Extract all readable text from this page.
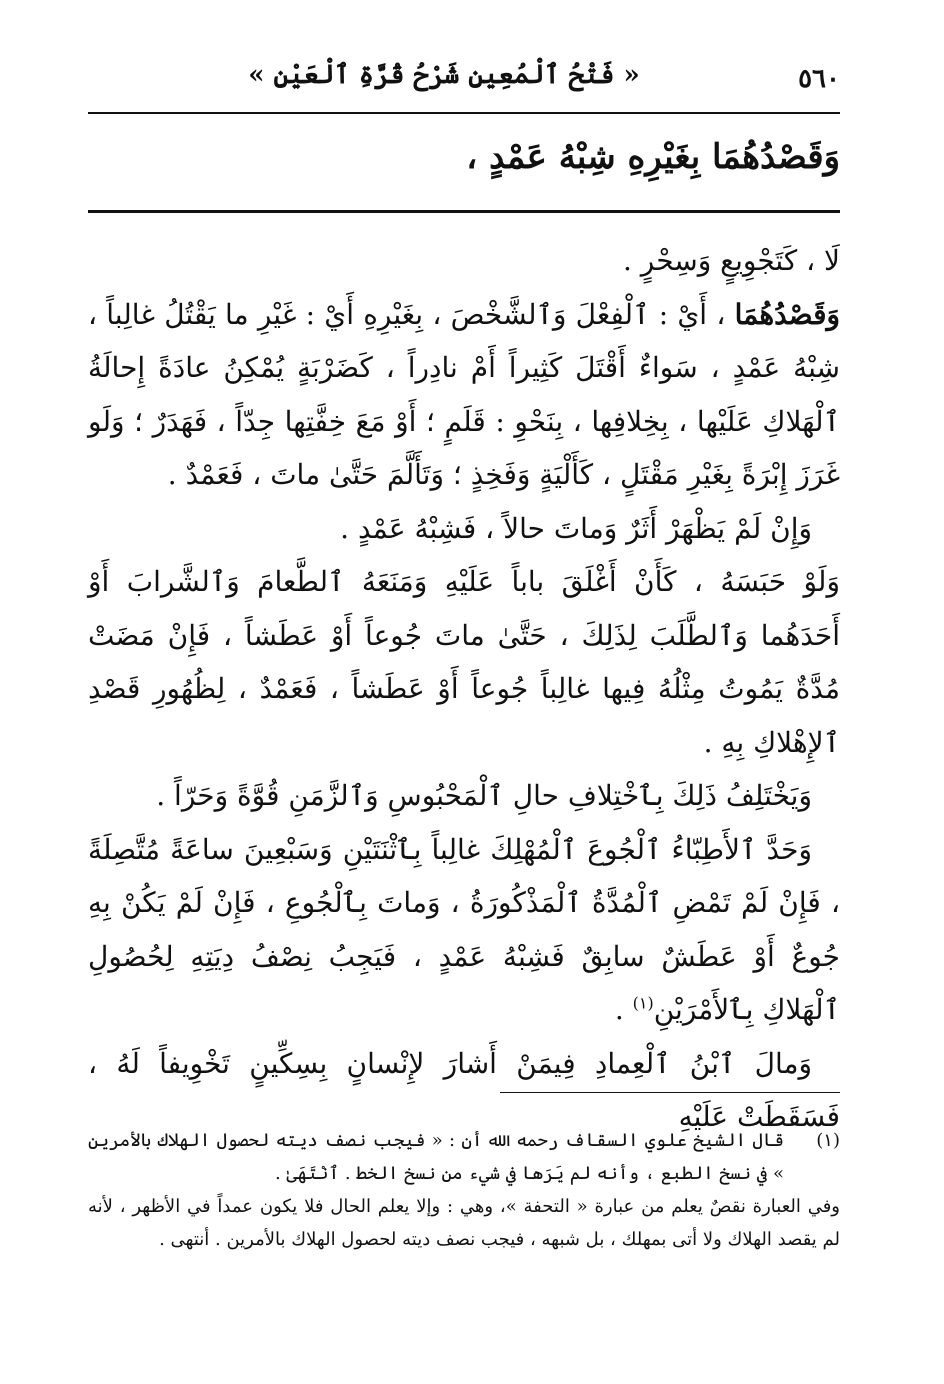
٥٦٠
« فَتْحُ ٱلْمُعِينِ شَرْحُ قُرَّةِ ٱلْعَيْنِ »
وَقَصْدُهُمَا بِغَيْرِهِ شِبْهُ عَمْدٍ ،

لَا ، كَتَجْوِيعٍ وَسِحْرٍ .

وَقَصْدُهُمَا ، أَيْ : ٱلْفِعْلَ وَٱلشَّخْصَ ، بِغَيْرِهِ أَيْ : غَيْرِ ما يَقْتُلُ غالِباً ، شِبْهُ عَمْدٍ ، سَواءٌ أَقْتَلَ كَثِيراً أَمْ نادِراً ، كَضَرْبَةٍ يُمْكِنُ عادَةً إِحالَةُ ٱلْهَلاكِ عَلَيْها ، بِخِلافِها ، بِنَحْوِ : قَلَمٍ ؛ أَوْ مَعَ خِفَّتِها جِدّاً ، فَهَدَرٌ ؛ وَلَو غَرَزَ إِبْرَةً بِغَيْرِ مَقْتَلٍ ، كَأَلْيَةٍ وَفَخِذٍ ؛ وَتَأَلَّمَ حَتَّىٰ ماتَ ، فَعَمْدٌ .

وَإِنْ لَمْ يَظْهَرْ أَثَرٌ وَماتَ حالاً ، فَشِبْهُ عَمْدٍ .

وَلَوْ حَبَسَهُ ، كَأَنْ أَغْلَقَ باباً عَلَيْهِ وَمَنَعَهُ ٱلطَّعامَ وَٱلشَّرابَ أَوْ أَحَدَهُما وَٱلطَّلَبَ لِذَلِكَ ، حَتَّىٰ ماتَ جُوعاً أَوْ عَطَشاً ، فَإِنْ مَضَتْ مُدَّةٌ يَمُوتُ مِثْلُهُ فِيها غالِباً جُوعاً أَوْ عَطَشاً ، فَعَمْدٌ ، لِظُهُورِ قَصْدِ ٱلإِهْلاكِ بِهِ .

وَيَخْتَلِفُ ذَلِكَ بِٱخْتِلافِ حالِ ٱلْمَحْبُوسِ وَٱلزَّمَنِ قُوَّةً وَحَرّاً .

وَحَدَّ ٱلأَطِبّاءُ ٱلْجُوعَ ٱلْمُهْلِكَ غالِباً بِٱثْنَتَيْنِ وَسَبْعِينَ ساعَةً مُتَّصِلَةً ، فَإِنْ لَمْ تَمْضِ ٱلْمُدَّةُ ٱلْمَذْكُورَةُ ، وَماتَ بِٱلْجُوعِ ، فَإِنْ لَمْ يَكُنْ بِهِ جُوعٌ أَوْ عَطَشٌ سابِقٌ فَشِبْهُ عَمْدٍ ، فَيَجِبُ نِصْفُ دِيَتِهِ لِحُصُولِ ٱلْهَلاكِ بِٱلأَمْرَيْنِ$^{(١)}$ .

وَمالَ ٱبْنُ ٱلْعِمادِ فِيمَنْ أَشارَ لإِنْسانٍ بِسِكِّينٍ تَخْوِيفاً لَهُ ، فَسَقَطَتْ عَلَيْهِ

(١)

قال الشيخ علوي السقاف رحمه الله أن : « فيجب نصف ديته لحصول الهلاك بالأمرين » في نسخ الطبع ، وأنه لم يَرَها في شيء من نسخ الخط . ٱنْتَهَىٰ .

وفي العبارة نقصٌ يعلم من عبارة « التحفة »، وهي : وإلا يعلم الحال فلا يكون عمداً في الأظهر ، لأنه لم يقصد الهلاك ولا أتى بمهلك ، بل شبهه ، فيجب نصف ديته لحصول الهلاك بالأمرين . أنتهى .
